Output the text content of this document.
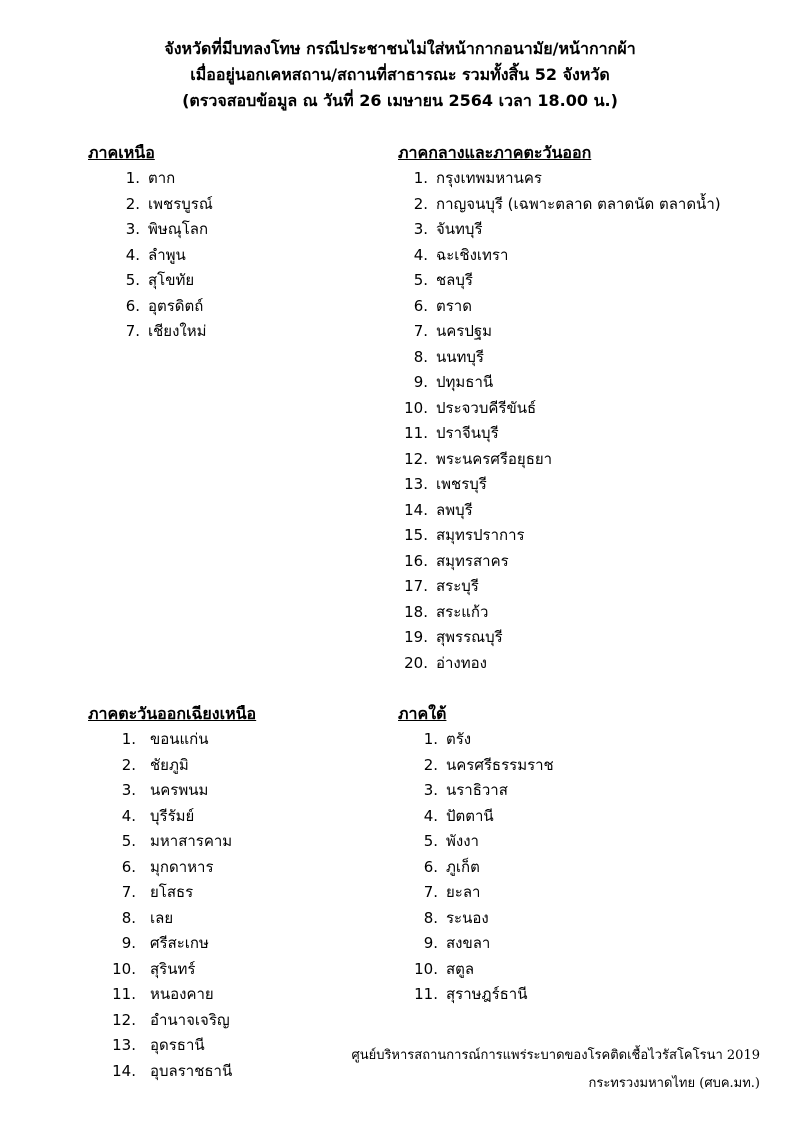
จังหวัดที่มีบทลงโทษ กรณีประชาชนไม่ใส่หน้ากากอนามัย/หน้ากากผ้า
เมื่ออยู่นอกเคหสถาน/สถานที่สาธารณะ รวมทั้งสิ้น 52 จังหวัด
(ตรวจสอบข้อมูล ณ วันที่ 26 เมษายน 2564 เวลา 18.00 น.)
ภาคเหนือ
1. ตาก
2. เพชรบูรณ์
3. พิษณุโลก
4. ลำพูน
5. สุโขทัย
6. อุตรดิตถ์
7. เชียงใหม่
ภาคกลางและภาคตะวันออก
1. กรุงเทพมหานคร
2. กาญจนบุรี (เฉพาะตลาด ตลาดนัด ตลาดน้ำ)
3. จันทบุรี
4. ฉะเชิงเทรา
5. ชลบุรี
6. ตราด
7. นครปฐม
8. นนทบุรี
9. ปทุมธานี
10. ประจวบคีรีขันธ์
11. ปราจีนบุรี
12. พระนครศรีอยุธยา
13. เพชรบุรี
14. ลพบุรี
15. สมุทรปราการ
16. สมุทรสาคร
17. สระบุรี
18. สระแก้ว
19. สุพรรณบุรี
20. อ่างทอง
ภาคตะวันออกเฉียงเหนือ
1. ขอนแก่น
2. ชัยภูมิ
3. นครพนม
4. บุรีรัมย์
5. มหาสารคาม
6. มุกดาหาร
7. ยโสธร
8. เลย
9. ศรีสะเกษ
10. สุรินทร์
11. หนองคาย
12. อำนาจเจริญ
13. อุดรธานี
14. อุบลราชธานี
ภาคใต้
1. ตรัง
2. นครศรีธรรมราช
3. นราธิวาส
4. ปัตตานี
5. พังงา
6. ภูเก็ต
7. ยะลา
8. ระนอง
9. สงขลา
10. สตูล
11. สุราษฎร์ธานี
ศูนย์บริหารสถานการณ์การแพร่ระบาดของโรคติดเชื้อไวรัสโคโรนา 2019
กระทรวงมหาดไทย (ศบค.มท.)
